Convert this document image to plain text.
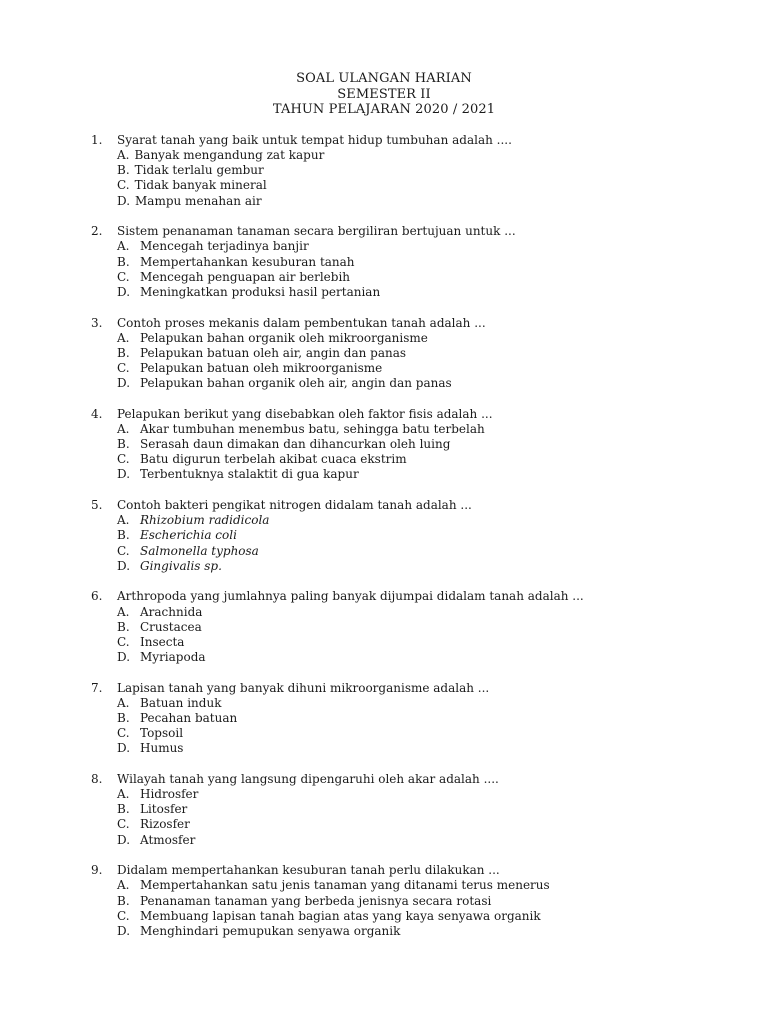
SOAL ULANGAN HARIAN
SEMESTER II
TAHUN PELAJARAN 2020 / 2021
1.	Syarat tanah yang baik untuk tempat hidup tumbuhan adalah ....
A. Banyak mengandung zat kapur
B. Tidak terlalu gembur
C. Tidak banyak mineral
D. Mampu menahan air
2.	Sistem penanaman tanaman secara bergiliran bertujuan untuk ...
A. Mencegah terjadinya banjir
B. Mempertahankan kesuburan tanah
C. Mencegah penguapan air berlebih
D. Meningkatkan produksi hasil pertanian
3.	Contoh proses mekanis dalam pembentukan tanah adalah ...
A. Pelapukan bahan organik oleh mikroorganisme
B. Pelapukan batuan oleh air, angin dan panas
C. Pelapukan batuan oleh mikroorganisme
D. Pelapukan bahan organik oleh air, angin dan panas
4.	Pelapukan berikut yang disebabkan oleh faktor fisis adalah ...
A. Akar tumbuhan menembus batu, sehingga batu terbelah
B. Serasah daun dimakan dan dihancurkan oleh luing
C. Batu digurun terbelah akibat cuaca ekstrim
D. Terbentuknya stalaktit di gua kapur
5.	Contoh bakteri pengikat nitrogen didalam tanah adalah ...
A. Rhizobium radidicola
B. Escherichia coli
C. Salmonella typhosa
D. Gingivalis sp.
6.	Arthropoda yang jumlahnya paling banyak dijumpai didalam tanah adalah ...
A. Arachnida
B. Crustacea
C. Insecta
D. Myriapoda
7.	Lapisan tanah yang banyak dihuni mikroorganisme adalah ...
A. Batuan induk
B. Pecahan batuan
C. Topsoil
D. Humus
8.	Wilayah tanah yang langsung dipengaruhi oleh akar adalah ....
A. Hidrosfer
B. Litosfer
C. Rizosfer
D. Atmosfer
9.	Didalam mempertahankan kesuburan tanah perlu dilakukan ...
A. Mempertahankan satu jenis tanaman yang ditanami terus menerus
B. Penanaman tanaman yang berbeda jenisnya secara rotasi
C. Membuang lapisan tanah bagian atas yang kaya senyawa organik
D. Menghindari pemupukan senyawa organik
